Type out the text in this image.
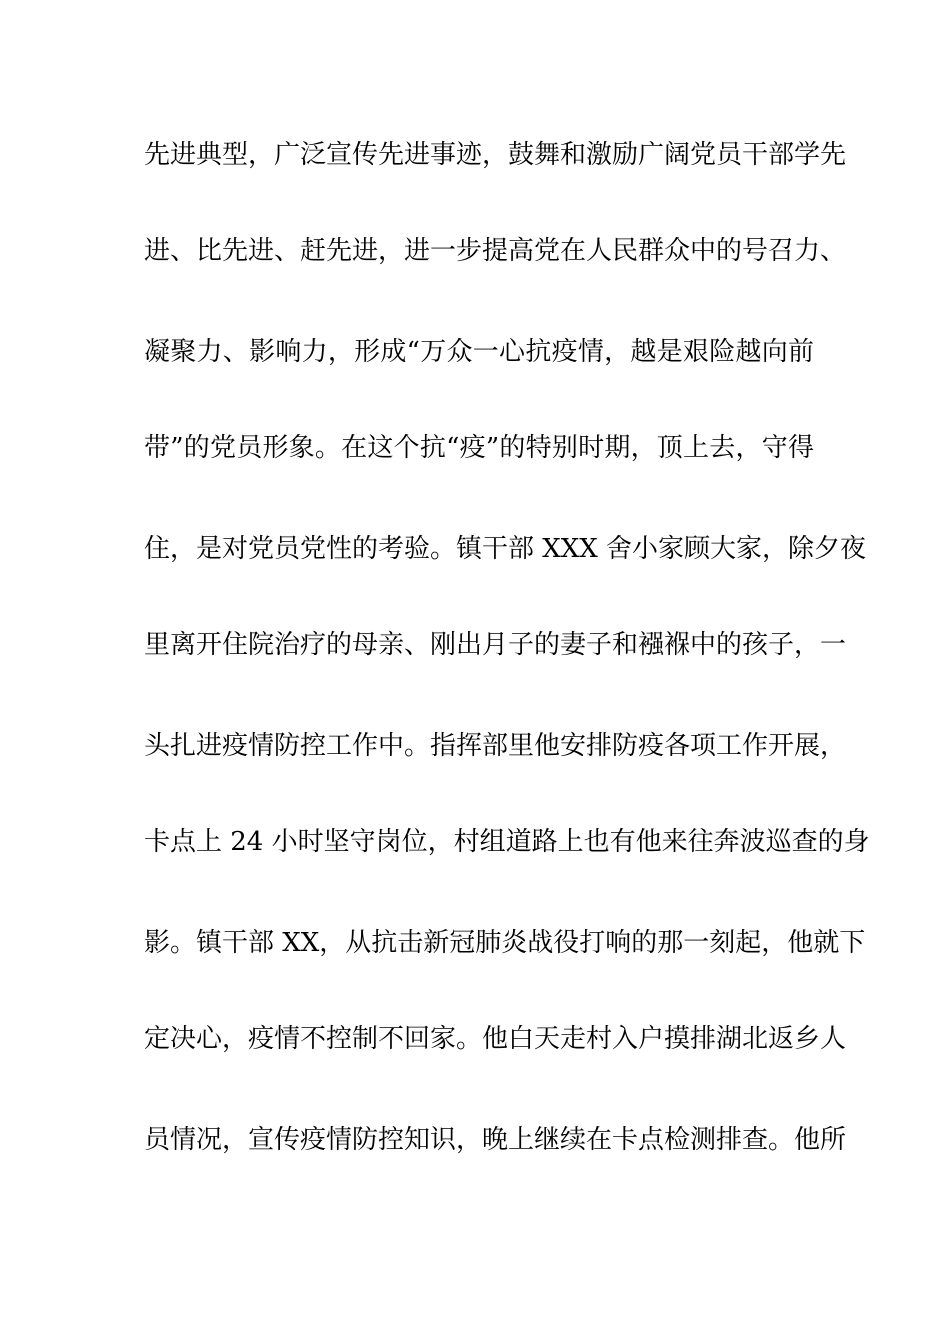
先进典型，广泛宣传先进事迹，鼓舞和激励广阔党员干部学先
进、比先进、赶先进，进一步提高党在人民群众中的号召力、
凝聚力、影响力，形成“万众一心抗疫情，越是艰险越向前
带”的党员形象。在这个抗“疫”的特别时期，顶上去，守得
住，是对党员党性的考验。镇干部 XXX 舍小家顾大家，除夕夜
里离开住院治疗的母亲、刚出月子的妻子和襁褓中的孩子，一
头扎进疫情防控工作中。指挥部里他安排防疫各项工作开展，
卡点上 24 小时坚守岗位，村组道路上也有他来往奔波巡查的身
影。镇干部 XX，从抗击新冠肺炎战役打响的那一刻起，他就下
定决心，疫情不控制不回家。他白天走村入户摸排湖北返乡人
员情况，宣传疫情防控知识，晚上继续在卡点检测排查。他所
